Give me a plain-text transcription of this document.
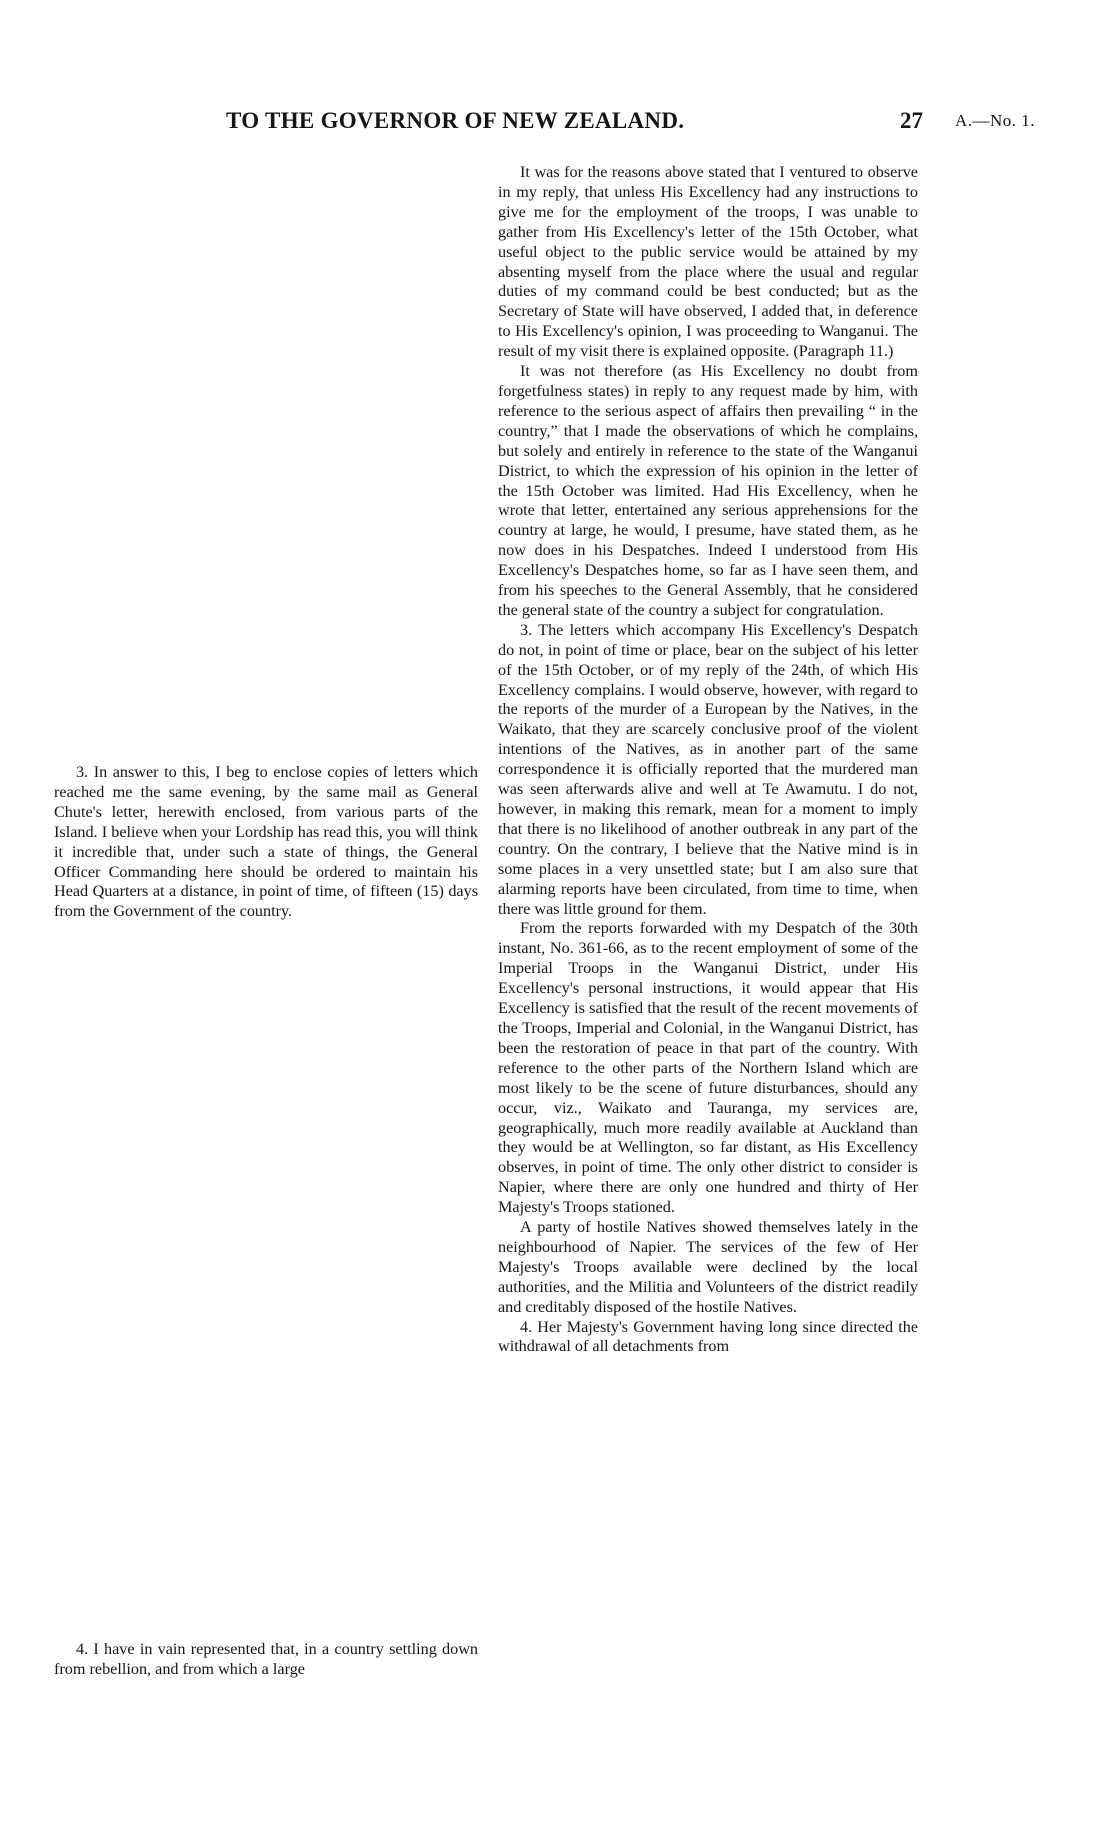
TO THE GOVERNOR OF NEW ZEALAND.	27 A.—No. 1.

3. In answer to this, I beg to enclose copies of letters which reached me the same evening, by the same mail as General Chute's letter, herewith enclosed, from various parts of the Island. I believe when your Lordship has read this, you will think it incredible that, under such a state of things, the General Officer Commanding here should be ordered to maintain his Head Quarters at a distance, in point of time, of fifteen (15) days from the Government of the country.

4. I have in vain represented that, in a country settling down from rebellion, and from which a large

It was for the reasons above stated that I ventured to observe in my reply, that unless His Excellency had any instructions to give me for the employment of the troops, I was unable to gather from His Excellency's letter of the 15th October, what useful object to the public service would be attained by my absenting myself from the place where the usual and regular duties of my command could be best conducted; but as the Secretary of State will have observed, I added that, in deference to His Excellency's opinion, I was proceeding to Wanganui. The result of my visit there is explained opposite. (Paragraph 11.)

It was not therefore (as His Excellency no doubt from forgetfulness states) in reply to any request made by him, with reference to the serious aspect of affairs then prevailing “ in the country,” that I made the observations of which he complains, but solely and entirely in reference to the state of the Wanganui District, to which the expression of his opinion in the letter of the 15th October was limited. Had His Excellency, when he wrote that letter, entertained any serious apprehensions for the country at large, he would, I presume, have stated them, as he now does in his Despatches. Indeed I understood from His Excellency's Despatches home, so far as I have seen them, and from his speeches to the General Assembly, that he considered the general state of the country a subject for congratulation.

3. The letters which accompany His Excellency's Despatch do not, in point of time or place, bear on the subject of his letter of the 15th October, or of my reply of the 24th, of which His Excellency complains. I would observe, however, with regard to the reports of the murder of a European by the Natives, in the Waikato, that they are scarcely conclusive proof of the violent intentions of the Natives, as in another part of the same correspondence it is officially reported that the murdered man was seen afterwards alive and well at Te Awamutu. I do not, however, in making this remark, mean for a moment to imply that there is no likelihood of another outbreak in any part of the country. On the contrary, I believe that the Native mind is in some places in a very unsettled state; but I am also sure that alarming reports have been circulated, from time to time, when there was little ground for them.

From the reports forwarded with my Despatch of the 30th instant, No. 361-66, as to the recent employment of some of the Imperial Troops in the Wanganui District, under His Excellency's personal instructions, it would appear that His Excellency is satisfied that the result of the recent movements of the Troops, Imperial and Colonial, in the Wanganui District, has been the restoration of peace in that part of the country. With reference to the other parts of the Northern Island which are most likely to be the scene of future disturbances, should any occur, viz., Waikato and Tauranga, my services are, geographically, much more readily available at Auckland than they would be at Wellington, so far distant, as His Excellency observes, in point of time. The only other district to consider is Napier, where there are only one hundred and thirty of Her Majesty's Troops stationed.

A party of hostile Natives showed themselves lately in the neighbourhood of Napier. The services of the few of Her Majesty's Troops available were declined by the local authorities, and the Militia and Volunteers of the district readily and creditably disposed of the hostile Natives.

4. Her Majesty's Government having long since directed the withdrawal of all detachments from
